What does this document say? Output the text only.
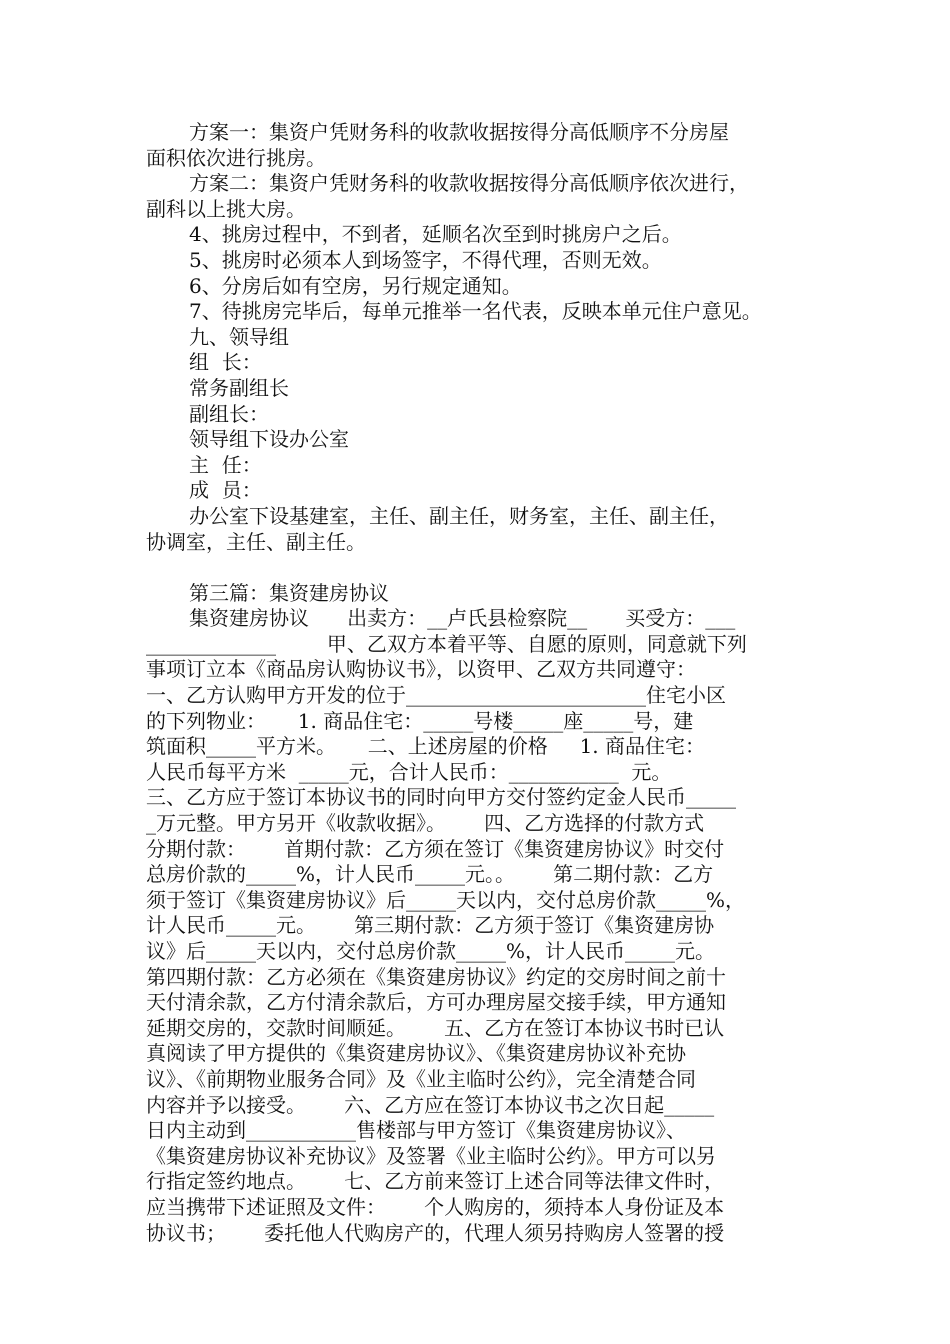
方案一：集资户凭财务科的收款收据按得分高低顺序不分房屋
面积依次进行挑房。
方案二：集资户凭财务科的收款收据按得分高低顺序依次进行，
副科以上挑大房。
4、挑房过程中，不到者，延顺名次至到时挑房户之后。
5、挑房时必须本人到场签字，不得代理，否则无效。
6、分房后如有空房，另行规定通知。
7、待挑房完毕后，每单元推举一名代表，反映本单元住户意见。
九、领导组
组  长：
常务副组长
副组长：
领导组下设办公室
主  任：
成  员：
办公室下设基建室，主任、副主任，财务室，主任、副主任，
协调室，主任、副主任。
第三篇：集资建房协议
集资建房协议      出卖方：__卢氏县检察院__      买受方：___
_____________        甲、乙双方本着平等、自愿的原则，同意就下列
事项订立本《商品房认购协议书》，以资甲、乙双方共同遵守：
一、乙方认购甲方开发的位于________________________住宅小区
的下列物业：     1. 商品住宅：_____号楼_____座_____号，建
筑面积_____平方米。     二、上述房屋的价格     1. 商品住宅：
人民币每平方米  _____元，合计人民币：___________  元。
三、乙方应于签订本协议书的同时向甲方交付签约定金人民币_____
_万元整。甲方另开《收款收据》。      四、乙方选择的付款方式
分期付款：      首期付款：乙方须在签订《集资建房协议》时交付
总房价款的_____%，计人民币_____元。。      第二期付款：乙方
须于签订《集资建房协议》后_____天以内，交付总房价款_____%，
计人民币_____元。      第三期付款：乙方须于签订《集资建房协
议》后_____天以内，交付总房价款_____%，计人民币_____元。
第四期付款：乙方必须在《集资建房协议》约定的交房时间之前十
天付清余款，乙方付清余款后，方可办理房屋交接手续，甲方通知
延期交房的，交款时间顺延。      五、乙方在签订本协议书时已认
真阅读了甲方提供的《集资建房协议》、《集资建房协议补充协
议》、《前期物业服务合同》及《业主临时公约》，完全清楚合同
内容并予以接受。      六、乙方应在签订本协议书之次日起_____
日内主动到___________售楼部与甲方签订《集资建房协议》、
《集资建房协议补充协议》及签署《业主临时公约》。甲方可以另
行指定签约地点。      七、乙方前来签订上述合同等法律文件时，
应当携带下述证照及文件：      个人购房的，须持本人身份证及本
协议书；      委托他人代购房产的，代理人须另持购房人签署的授
